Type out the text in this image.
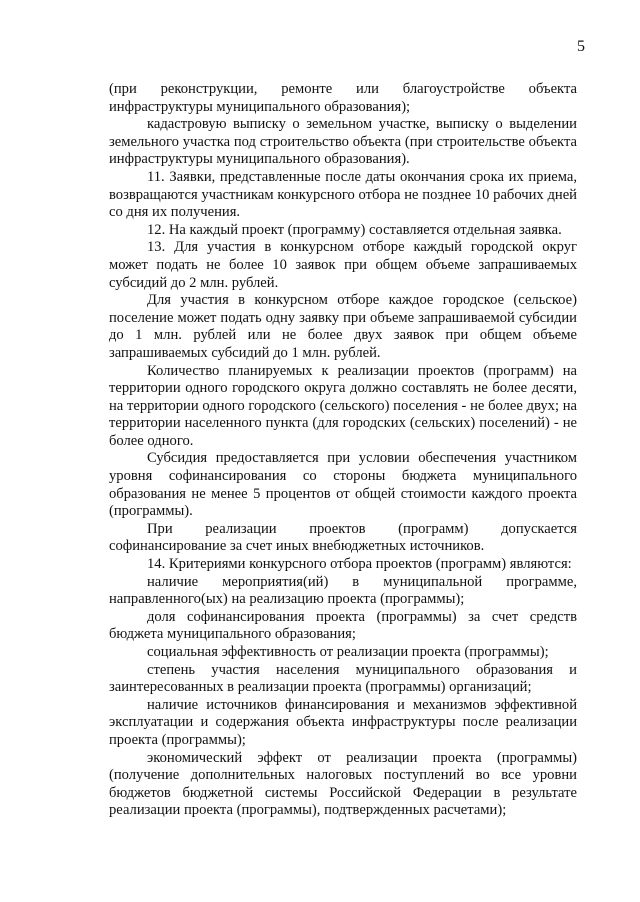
5

(при реконструкции, ремонте или благоустройстве объекта инфраструктуры муниципального образования);

кадастровую выписку о земельном участке, выписку о выделении земельного участка под строительство объекта (при строительстве объекта инфраструктуры муниципального образования).

11. Заявки, представленные после даты окончания срока их приема, возвращаются участникам конкурсного отбора не позднее 10 рабочих дней со дня их получения.

12. На каждый проект (программу) составляется отдельная заявка.

13. Для участия в конкурсном отборе каждый городской округ может подать не более 10 заявок при общем объеме запрашиваемых субсидий до 2 млн. рублей.

Для участия в конкурсном отборе каждое городское (сельское) поселение может подать одну заявку при объеме запрашиваемой субсидии до 1 млн. рублей или не более двух заявок при общем объеме запрашиваемых субсидий до 1 млн. рублей.

Количество планируемых к реализации проектов (программ) на территории одного городского округа должно составлять не более десяти, на территории одного городского (сельского) поселения - не более двух; на территории населенного пункта (для городских (сельских) поселений) - не более одного.

Субсидия предоставляется при условии обеспечения участником уровня софинансирования со стороны бюджета муниципального образования не менее 5 процентов от общей стоимости каждого проекта (программы).

При реализации проектов (программ) допускается софинансирование за счет иных внебюджетных источников.

14. Критериями конкурсного отбора проектов (программ) являются:

наличие мероприятия(ий) в муниципальной программе, направленного(ых) на реализацию проекта (программы);

доля софинансирования проекта (программы) за счет средств бюджета муниципального образования;

социальная эффективность от реализации проекта (программы);

степень участия населения муниципального образования и заинтересованных в реализации проекта (программы) организаций;

наличие источников финансирования и механизмов эффективной эксплуатации и содержания объекта инфраструктуры после реализации проекта (программы);

экономический эффект от реализации проекта (программы) (получение дополнительных налоговых поступлений во все уровни бюджетов бюджетной системы Российской Федерации в результате реализации проекта (программы), подтвержденных расчетами);
